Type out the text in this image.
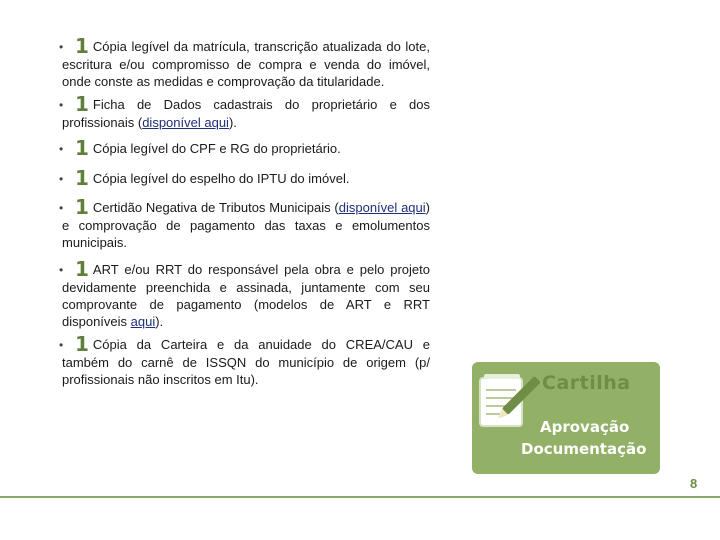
• 1 Cópia legível da matrícula, transcrição atualizada do lote, escritura e/ou compromisso de compra e venda do imóvel, onde conste as medidas e comprovação da titularidade.
• 1 Ficha de Dados cadastrais do proprietário e dos profissionais (disponível aqui).
• 1 Cópia legível do CPF e RG do proprietário.
• 1 Cópia legível do espelho do IPTU do imóvel.
• 1 Certidão Negativa de Tributos Municipais (disponível aqui) e comprovação de pagamento das taxas e emolumentos municipais.
• 1 ART e/ou RRT do responsável pela obra e pelo projeto devidamente preenchida e assinada, juntamente com seu comprovante de pagamento (modelos de ART e RRT disponíveis aqui).
• 1 Cópia da Carteira e da anuidade do CREA/CAU e também do carnê de ISSQN do município de origem (p/ profissionais não inscritos em Itu).	Cartilha
Aprovação
Documentação
8
